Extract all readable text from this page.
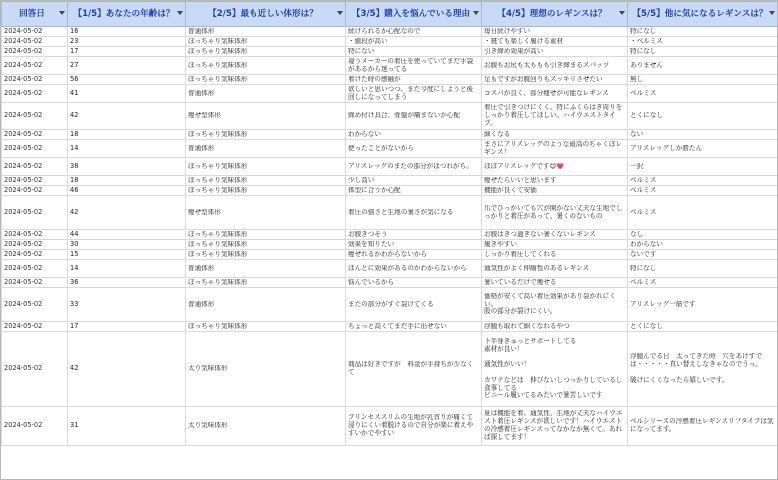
回答日	【1/5】あなたの年齢は？	【2/5】最も近しい体形は？	【3/5】購入を悩んでいる理由	【4/5】理想のレギンスは？	【5/5】他に気になるレギンスは？

2024-05-02	16	普通体形	続けられるか心配なので	毎日続けやすい	特になし

2024-05-02	23	ぽっちゃり気味体形	・値段が高い	・寝ても楽しく履ける素材	・ベルミス

2024-05-02	17	ぽっちゃり気味体形	特にない	引き締め効果が高い	特になし

2024-05-02	27	ぽっちゃり気味体形	違うメーカーの着圧を使っていてまだ手袋があるから迷ってる	お腹もお尻も太ももも引き締まるスパッツ	ありません

2024-05-02	56	ぽっちゃり気味体形	着けた時の感触が	足もですがお腹回りもスッキリさせたい	無し

2024-05-02	41	普通体形	欲しいと思いつつ、また今度にしようと後回しになってしまう	コスパが良く、部分痩せが可能なレギンス	ベルミス

2024-05-02	42	痩せ型体形	締め付け具合、骨盤が痛まないか心配	着圧で引きつけにくく、特にふくらはぎ周りをしっかり着圧してほしい。ハイウエストタイプ。	とくになし

2024-05-02	18	ぽっちゃり気味体形	わからない	細くなる	ない

2024-05-02	14	普通体形	使ったことがないから	まさにアリスレッグのような最高のちゃくぽレギンス！	アリスレッグしか勝たん

2024-05-02	38	ぽっちゃり気味体形	アリスレッグのまたの部分がほつれがち。	ほぼアリスレッグです😊💗	一択

2024-05-02	18	ぽっちゃり気味体形	少し高い	痩せたらいいと思います	ベルミス

2024-05-02	46	ぽっちゃり気味体形	体型に合うか心配	機能が良くて安価	ベルミス

2024-05-02	42	痩せ型体形	着圧の強さと生地の暑さが気になる	爪でひっかいても穴が開かない丈夫な生地でしっかりと着圧があって、暑くのないもの	ベルミス

2024-05-02	44	ぽっちゃり気味体形	お腹きつそう	お腹はきつ過ぎない暑くないレギンス	なし

2024-05-02	30	ぽっちゃり気味体形	効果を知りたい	履きやすい	わからない

2024-05-02	15	ぽっちゃり気味体形	痩せれるかわからないから	しっかり着圧してくれる	ないです

2024-05-02	14	普通体形	ほんとに効果があるのかわからないから	通気性がよく伸縮性のあるレギンス	特になし

2024-05-02	36	ぽっちゃり気味体形	悩んでいるから	暑いているだけで痩せる	ベルミス

2024-05-02	33	普通体形	またの部分がすぐ裂けてくる	価格が安くて高い着圧効果があり裂かれにくい。
股の部分が裂けにくい。	アリスレッグ一筋です

2024-05-02	17	ぽっちゃり気味体形	ちょっと高くてまだ手に出せない	浮腫も取れて細くなれるやつ	とくになし

2024-05-02	42	太り気味体形	商品は好きですが　料金が手持ちが少なくて	下半身ぎゅっとサポートしてる
素材が良い！

通気性がいい！

カワテなどは　伸びないしつっかりしているし食事してる
ビニール履いてるみたいで暑苦しいです	浮腫んでる日　太ってきた時　穴をあけずでは・・・・・真い替えしなきゃなのでうっ。

破けにくくなったら嬉しいです。

2024-05-02	31	太り気味体形	プリンセススリムの生地が乳首りが痛くて浸りにくい着脱けるので自分が楽に着えやすいかでやすい	夏は機能を着、通気性、生地が丈夫なハイウエスト着圧レギンスが欲しいです！ハイウエストの冷感着圧レギンスってなかなか無くて。あれば探してます！	ベルシリーズの冷感着圧レギンスリフタイプは気になってます。
